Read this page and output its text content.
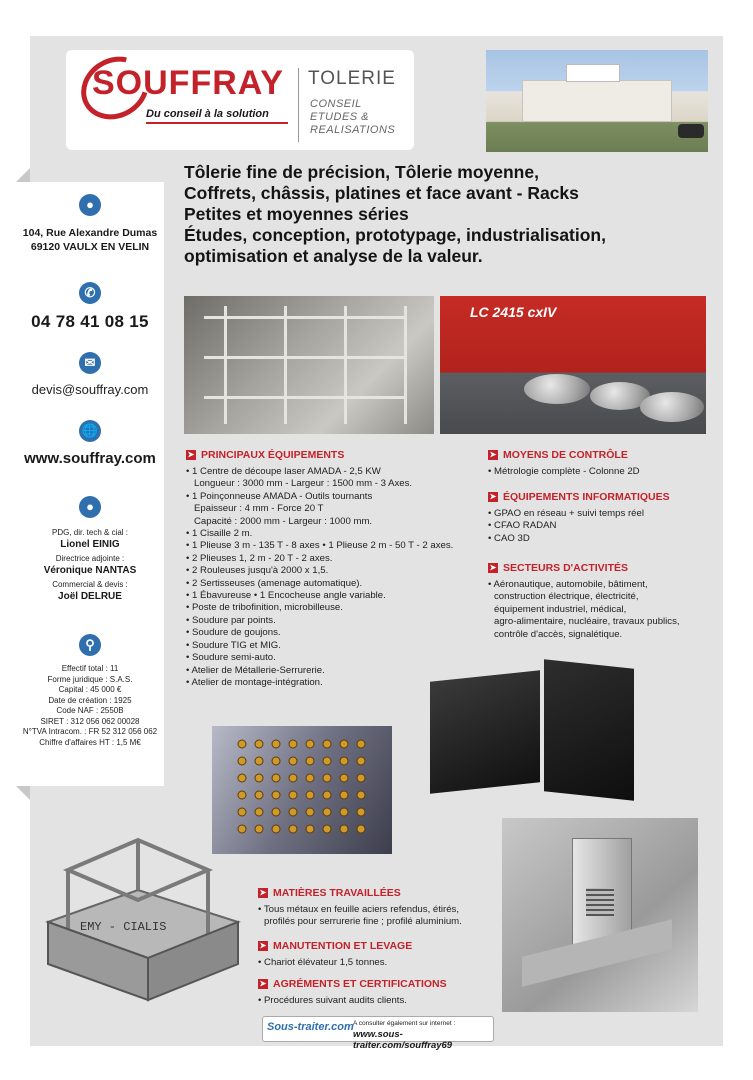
SOUFFRAY
Du conseil à la solution
TOLERIE
CONSEIL
ETUDES &
REALISATIONS
●
104, Rue Alexandre Dumas
69120 VAULX EN VELIN
✆
04 78 41 08 15
✉
devis@souffray.com
🌐
www.souffray.com
●
PDG, dir. tech & cial :
Lionel EINIG
Directrice adjointe :
Véronique NANTAS
Commercial & devis :
Joël DELRUE
⚲
Effectif total : 11
Forme juridique : S.A.S.
Capital : 45 000 €
Date de création : 1925
Code NAF : 2550B
SIRET : 312 056 062 00028
N°TVA Intracom. : FR 52 312 056 062
Chiffre d'affaires HT : 1,5 M€
Tôlerie fine de précision, Tôlerie moyenne,
Coffrets, châssis, platines et face avant - Racks
Petites et moyennes séries
Études, conception, prototypage, industrialisation,
optimisation et analyse de la valeur.
LC 2415 cxIV
➤ PRINCIPAUX ÉQUIPEMENTS
• 1 Centre de découpe laser AMADA - 2,5 KW
Longueur : 3000 mm - Largeur : 1500 mm - 3 Axes.
• 1 Poinçonneuse AMADA - Outils tournants
Epaisseur : 4 mm - Force 20 T
Capacité : 2000 mm - Largeur : 1000 mm.
• 1 Cisaille 2 m.
• 1 Plieuse 3 m - 135 T - 8 axes • 1 Plieuse 2 m - 50 T - 2 axes.
• 2 Plieuses 1, 2 m - 20 T - 2 axes.
• 2 Rouleuses jusqu'à 2000 x 1,5.
• 2 Sertisseuses (amenage automatique).
• 1 Ébavureuse • 1 Encocheuse angle variable.
• Poste de tribofinition, microbilleuse.
• Soudure par points.
• Soudure de goujons.
• Soudure TIG et MIG.
• Soudure semi-auto.
• Atelier de Métallerie-Serrurerie.
• Atelier de montage-intégration.
➤ MOYENS DE CONTRÔLE
• Métrologie complète - Colonne 2D
➤ ÉQUIPEMENTS INFORMATIQUES
• GPAO en réseau + suivi temps réel
• CFAO RADAN
• CAO 3D
➤ SECTEURS D'ACTIVITÉS
• Aéronautique, automobile, bâtiment,
construction électrique, électricité,
équipement industriel, médical,
agro-alimentaire, nucléaire, travaux publics,
contrôle d'accès, signalétique.
EMY - CIALIS
➤ MATIÈRES TRAVAILLÉES
• Tous métaux en feuille aciers refendus, étirés,
profilés pour serrurerie fine ; profilé aluminium.
➤ MANUTENTION ET LEVAGE
• Chariot élévateur 1,5 tonnes.
➤ AGRÉMENTS ET CERTIFICATIONS
• Procédures suivant audits clients.
Sous-traiter.com A consulter également sur internet :
www.sous-traiter.com/souffray69
